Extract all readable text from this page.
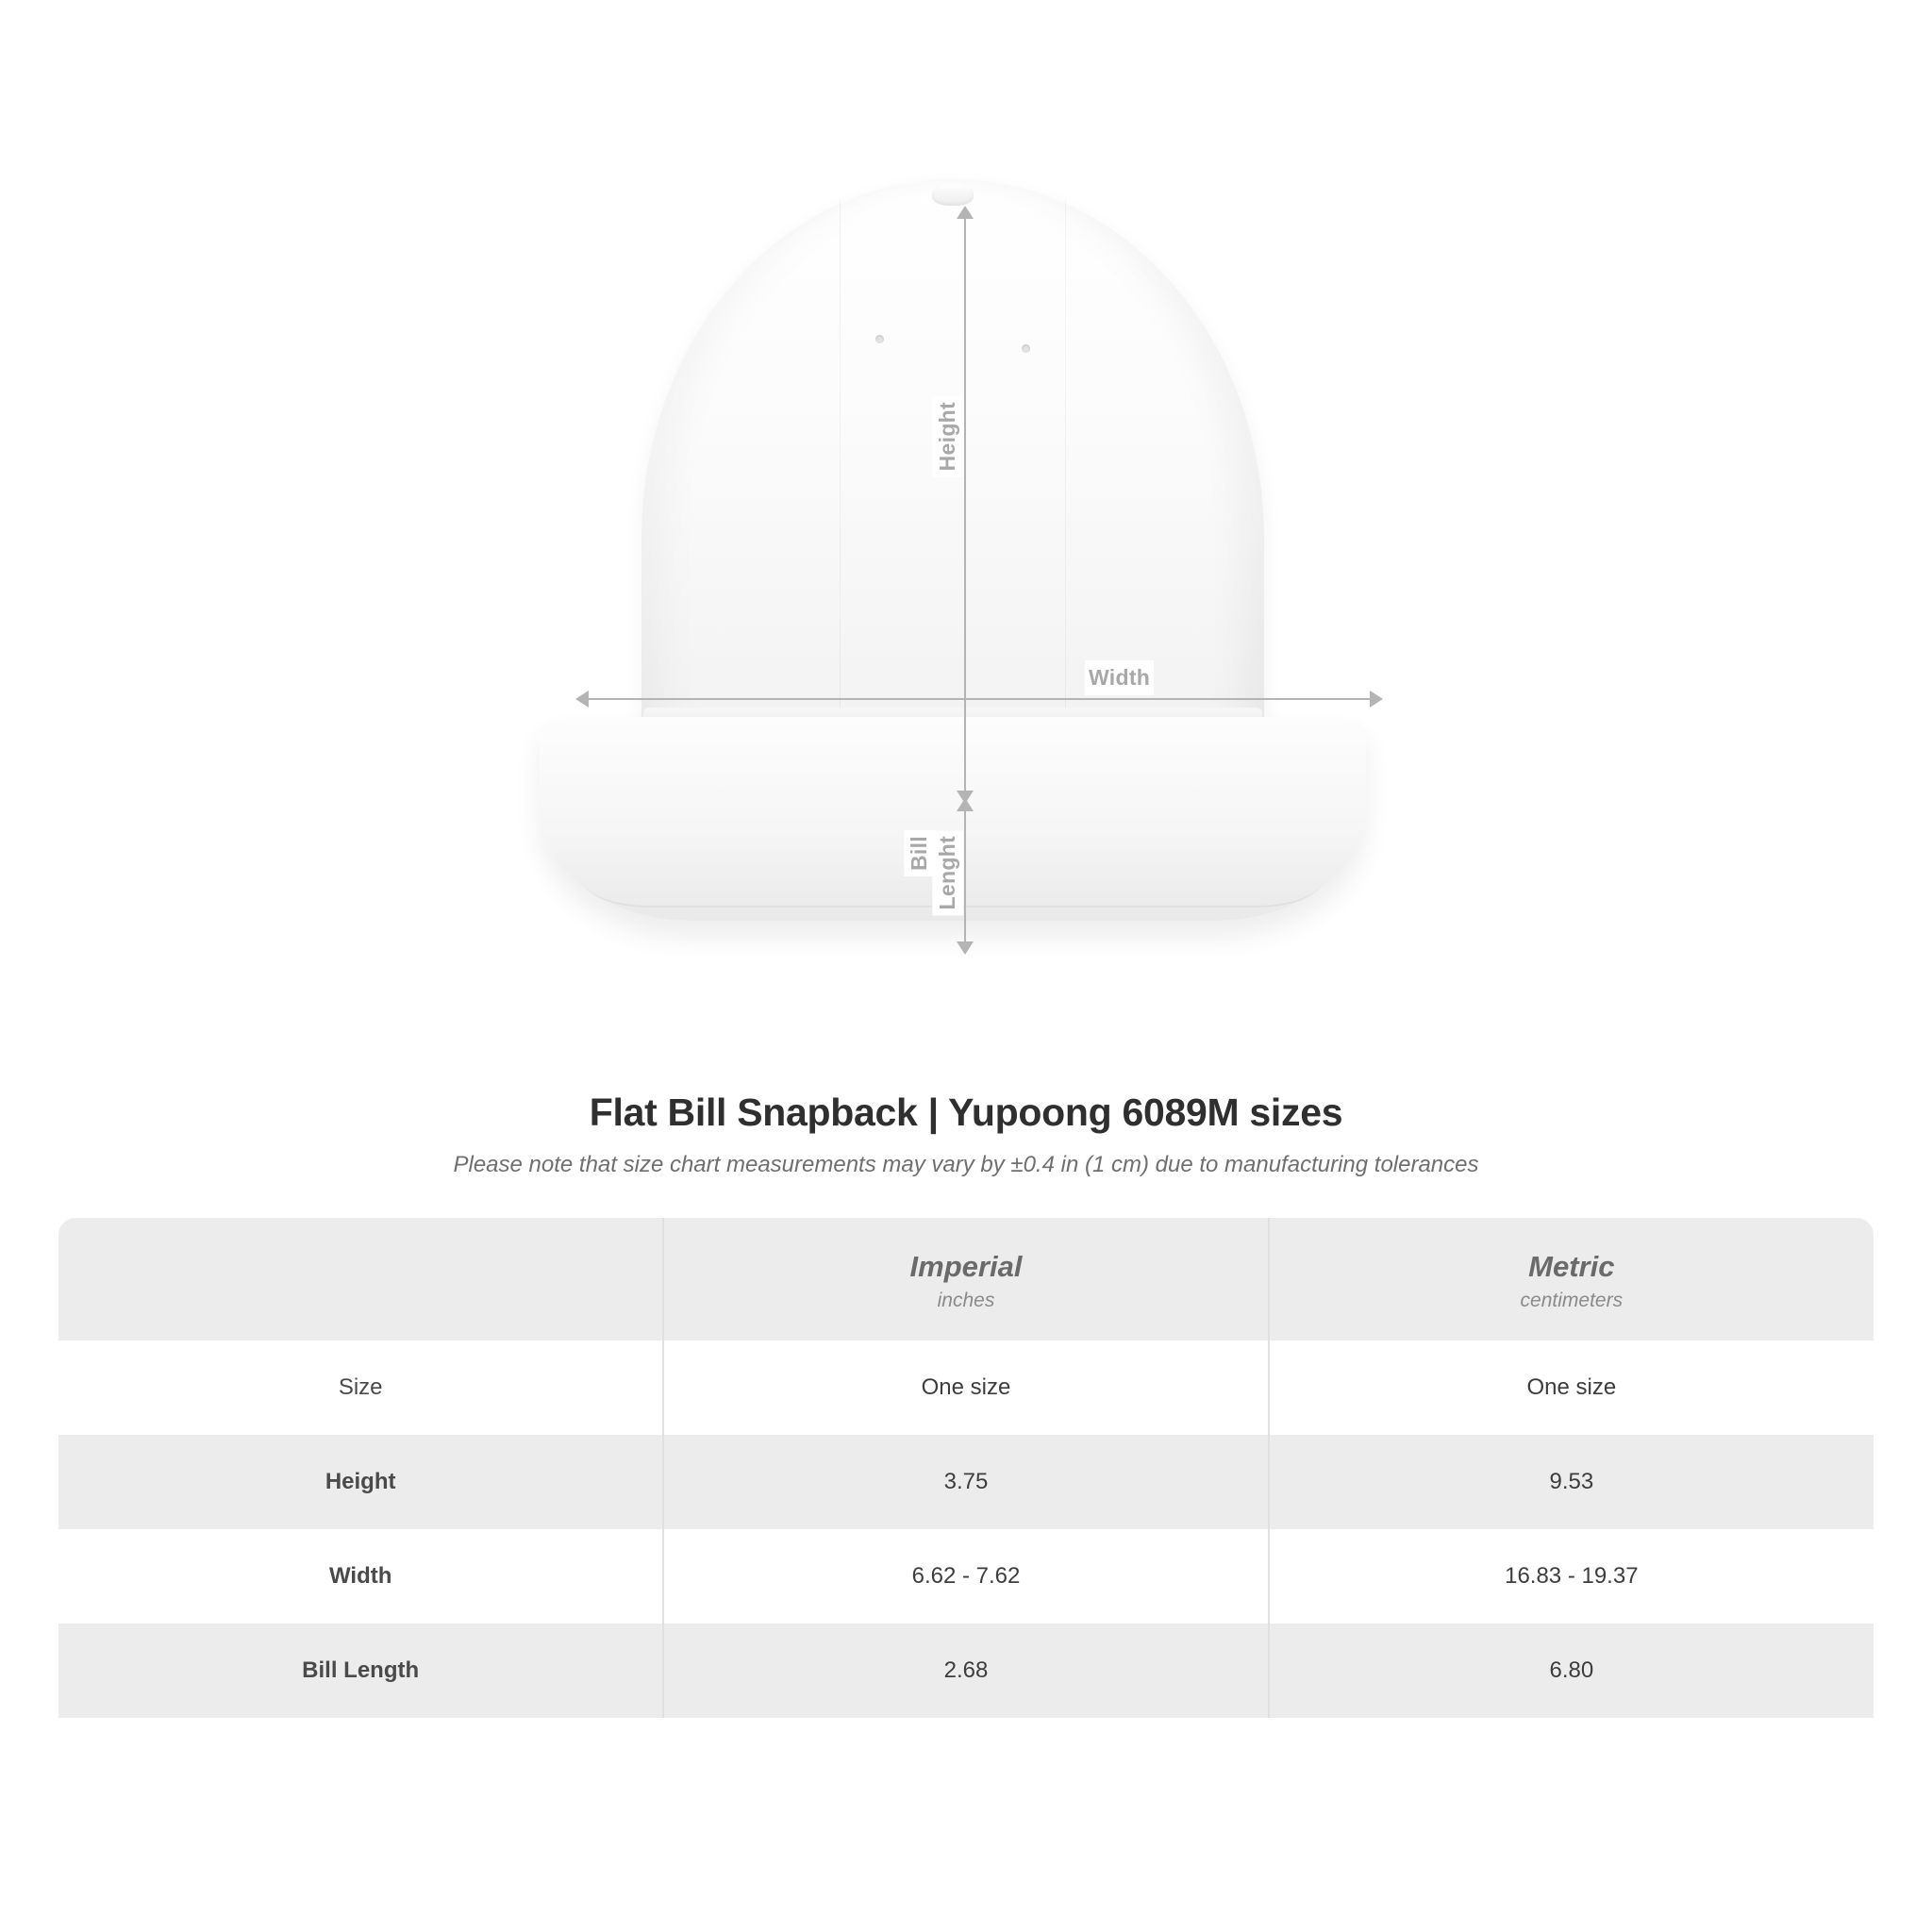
Height
Width
Bill Lenght
Flat Bill Snapback | Yupoong 6089M sizes
Please note that size chart measurements may vary by ±0.4 in (1 cm) due to manufacturing tolerances

Imperial
inches

Metric
centimeters

Size	One size	One size
Height	3.75	9.53
Width	6.62 - 7.62	16.83 - 19.37
Bill Length	2.68	6.80
